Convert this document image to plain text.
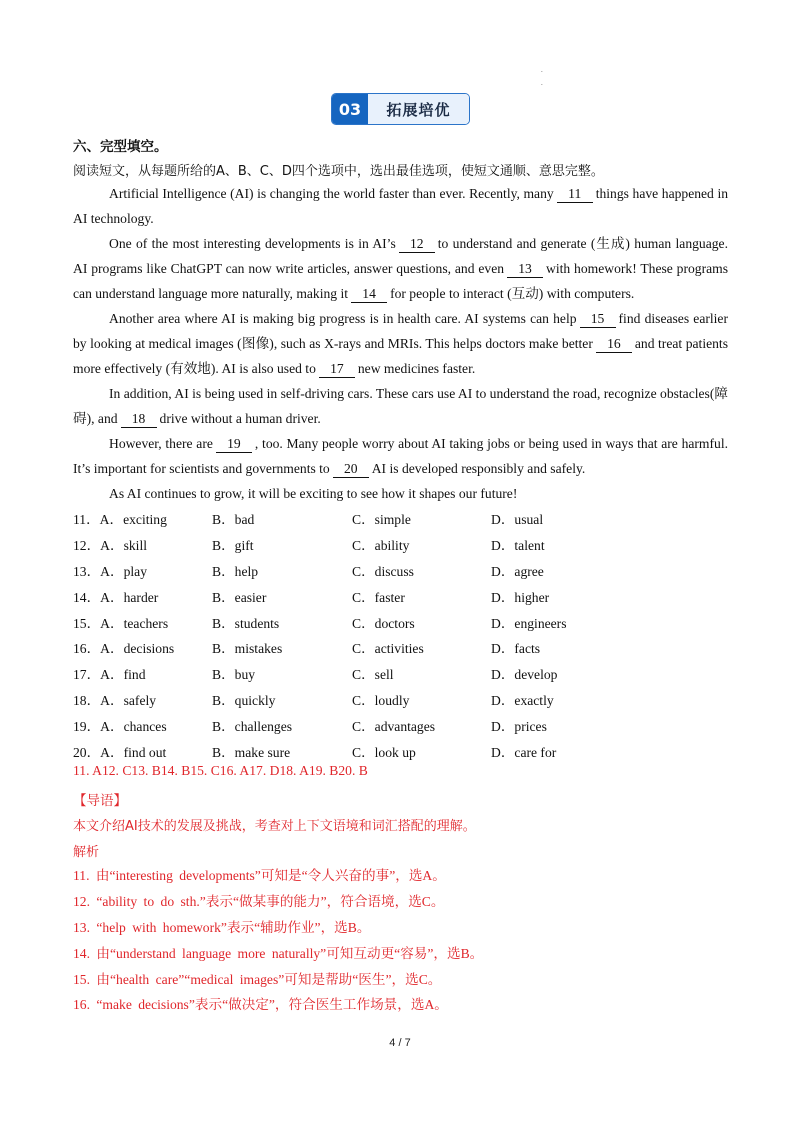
.
.
03	拓展培优
六、完型填空。
阅读短文，从每题所给的A、B、C、D四个选项中，选出最佳选项，使短文通顺、意思完整。

Artificial Intelligence (AI) is changing the world faster than ever. Recently, many 11 things have happened in AI technology.

One of the most interesting developments is in AI’s 12 to understand and generate (生成) human language. AI programs like ChatGPT can now write articles, answer questions, and even 13 with homework! These programs can understand language more naturally, making it 14 for people to interact (互动) with computers.

Another area where AI is making big progress is in health care. AI systems can help 15 find diseases earlier by looking at medical images (图像), such as X-rays and MRIs. This helps doctors make better 16 and treat patients more effectively (有效地). AI is also used to 17 new medicines faster.

In addition, AI is being used in self-driving cars. These cars use AI to understand the road, recognize obstacles(障碍), and 18 drive without a human driver.

However, there are 19 , too. Many people worry about AI taking jobs or being used in ways that are harmful. It’s important for scientists and governments to 20 AI is developed responsibly and safely.

As AI continues to grow, it will be exciting to see how it shapes our future!

11．A．exciting	B．bad	C．simple	D．usual
12．A．skill	B．gift	C．ability	D．talent
13．A．play	B．help	C．discuss	D．agree
14．A．harder	B．easier	C．faster	D．higher
15．A．teachers	B．students	C．doctors	D．engineers
16．A．decisions	B．mistakes	C．activities	D．facts
17．A．find	B．buy	C．sell	D．develop
18．A．safely	B．quickly	C．loudly	D．exactly
19．A．chances	B．challenges	C．advantages	D．prices
20．A．find out	B．make sure	C．look up	D．care for
11. A12. C13. B14. B15. C16. A17. D18. A19. B20. B
【导语】
本文介绍AI技术的发展及挑战，考查对上下文语境和词汇搭配的理解。
解析
11. 由“interesting developments”可知是“令人兴奋的事”，选A。
12. “ability to do sth.”表示“做某事的能力”，符合语境，选C。
13. “help with homework”表示“辅助作业”，选B。
14. 由“understand language more naturally”可知互动更“容易”，选B。
15. 由“health care”“medical images”可知是帮助“医生”，选C。
16. “make decisions”表示“做决定”，符合医生工作场景，选A。
4 / 7
